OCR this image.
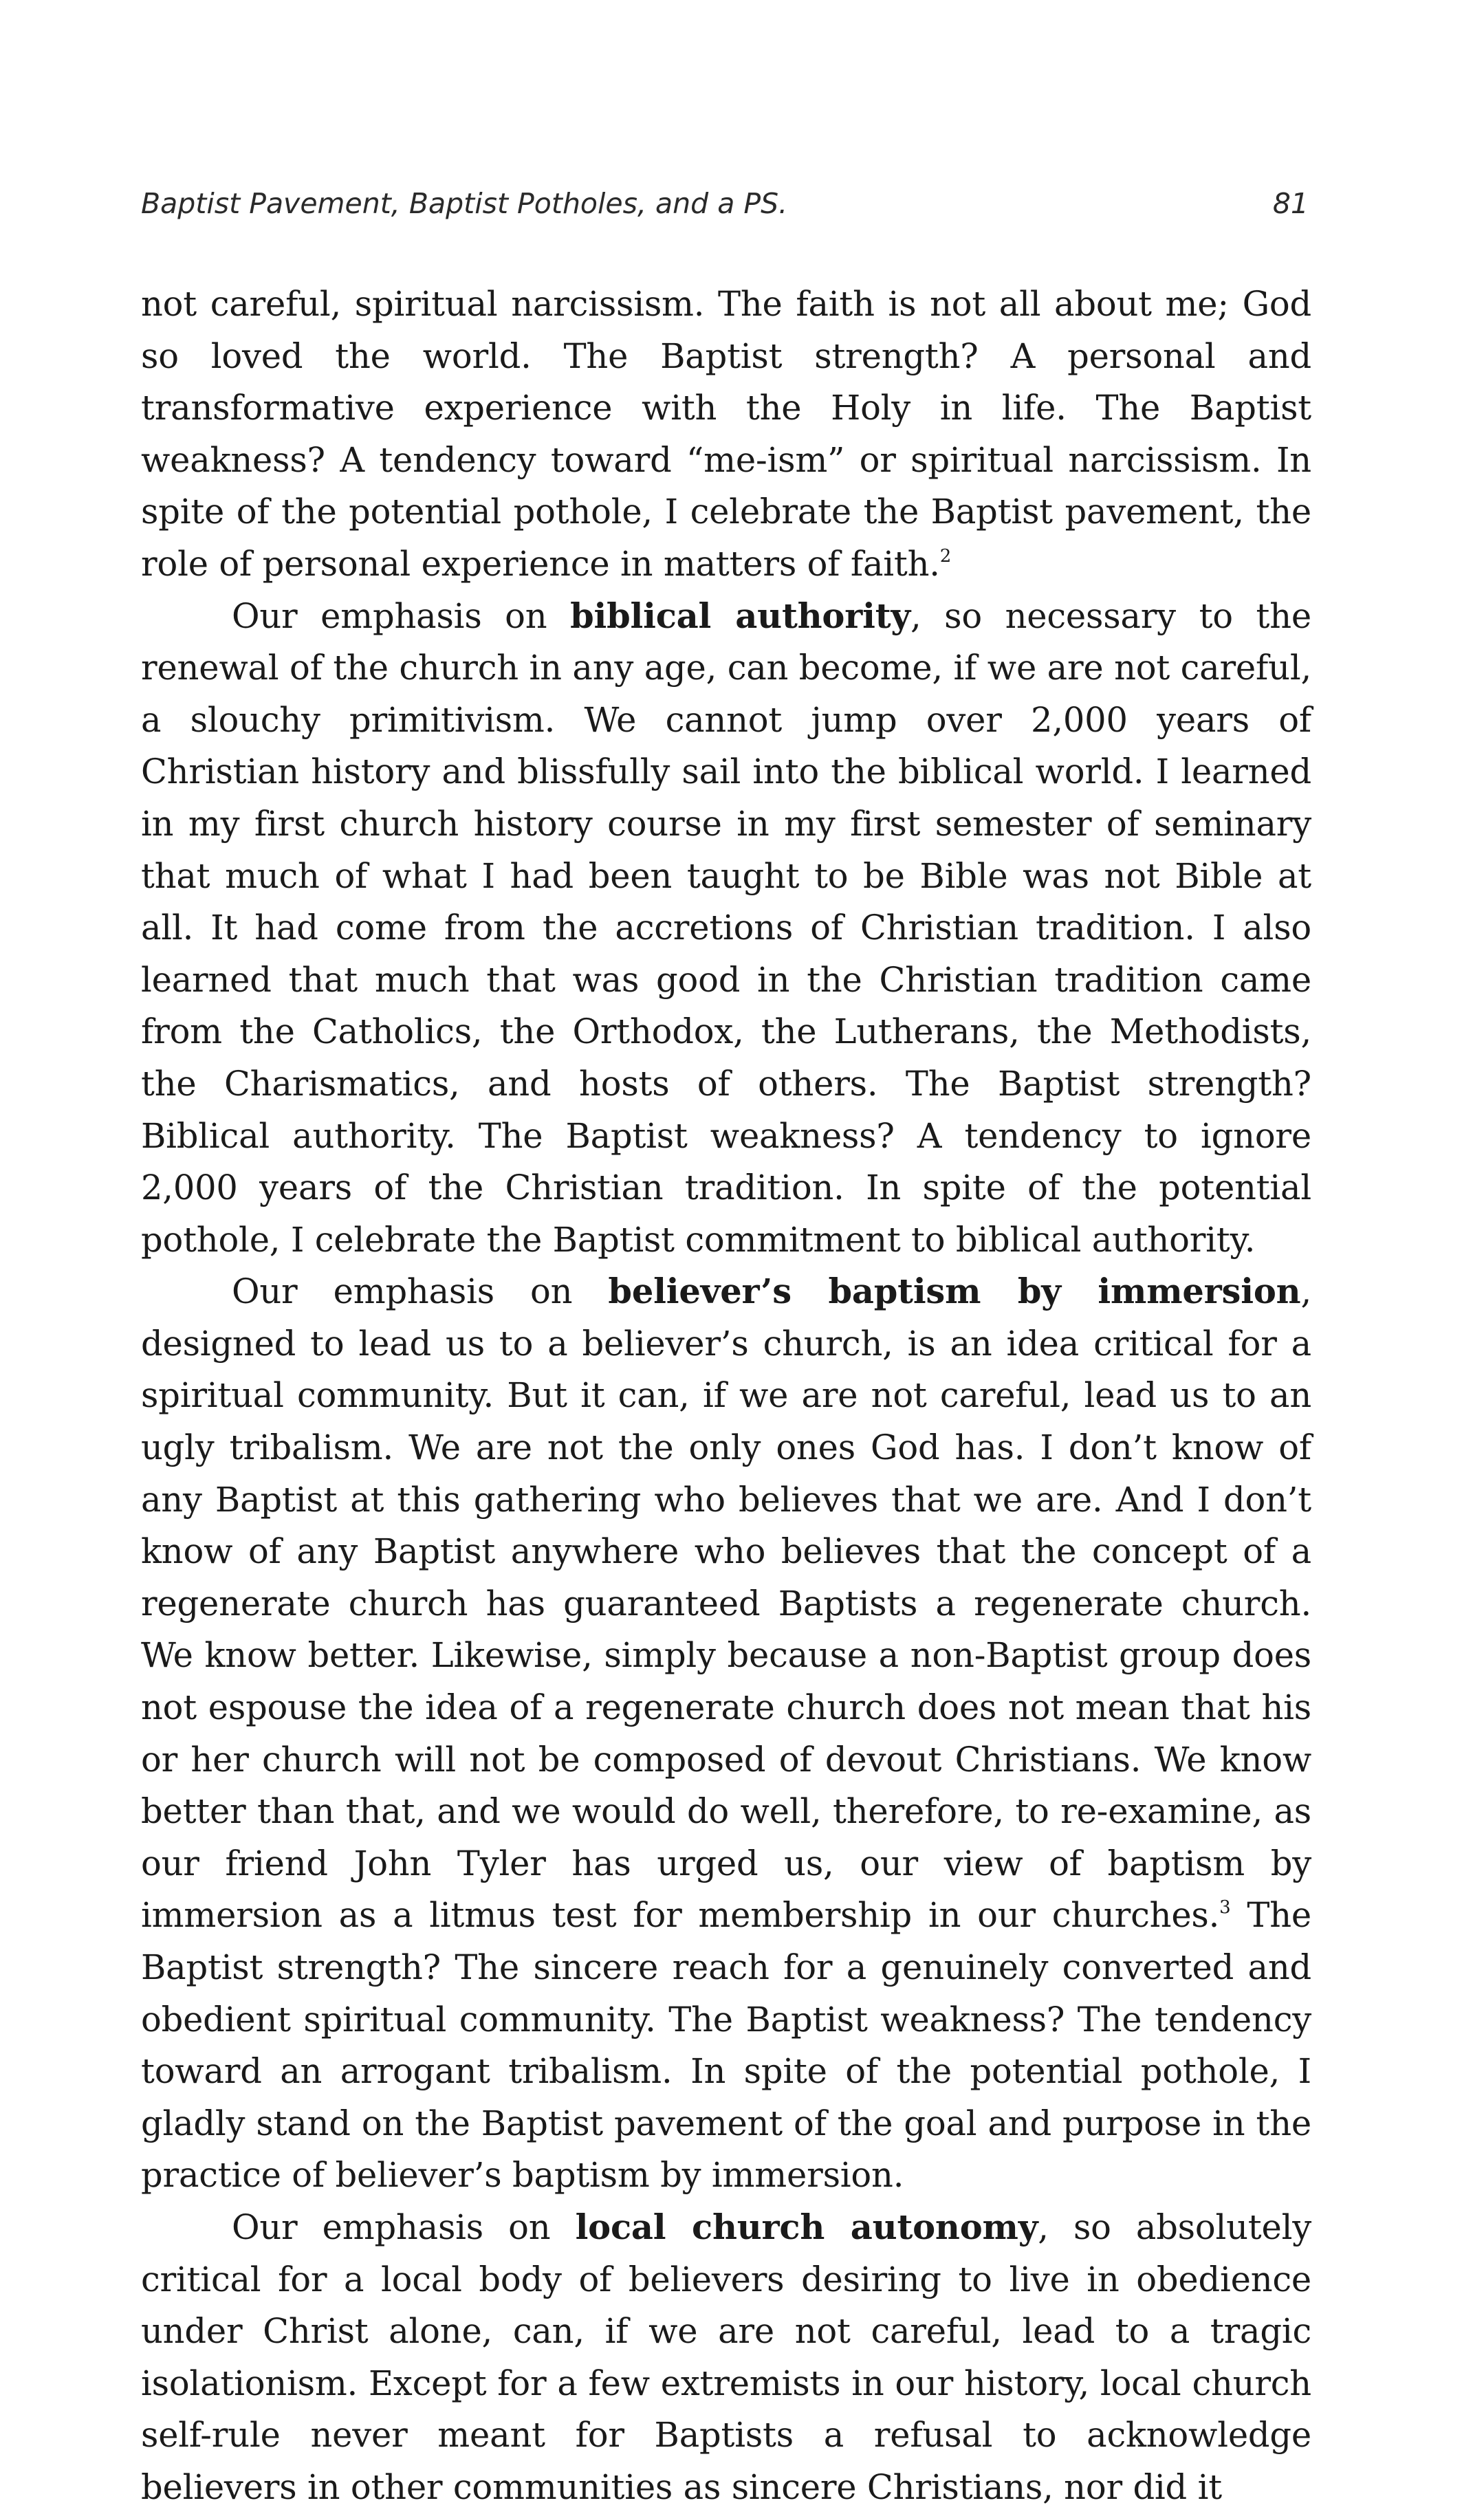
Baptist Pavement, Baptist Potholes, and a PS.	81

not careful, spiritual narcissism. The faith is not all about me; God so loved the world. The Baptist strength? A personal and transformative experience with the Holy in life. The Baptist weakness? A tendency toward “me-ism” or spiritual narcissism. In spite of the potential pothole, I celebrate the Baptist pavement, the role of personal experience in matters of faith.$^2$

Our emphasis on biblical authority, so necessary to the renewal of the church in any age, can become, if we are not careful, a slouchy primitivism. We cannot jump over 2,000 years of Christian history and blissfully sail into the biblical world. I learned in my first church history course in my first semester of seminary that much of what I had been taught to be Bible was not Bible at all. It had come from the accretions of Christian tradition. I also learned that much that was good in the Christian tradition came from the Catholics, the Orthodox, the Lutherans, the Methodists, the Charismatics, and hosts of others. The Baptist strength? Biblical authority. The Baptist weakness? A tendency to ignore 2,000 years of the Christian tradition. In spite of the potential pothole, I celebrate the Baptist commitment to biblical authority.

Our emphasis on believer’s baptism by immersion, designed to lead us to a believer’s church, is an idea critical for a spiritual community. But it can, if we are not careful, lead us to an ugly tribalism. We are not the only ones God has. I don’t know of any Baptist at this gathering who believes that we are. And I don’t know of any Baptist anywhere who believes that the concept of a regenerate church has guaranteed Baptists a regenerate church. We know better. Likewise, simply because a non-Baptist group does not espouse the idea of a regenerate church does not mean that his or her church will not be composed of devout Christians. We know better than that, and we would do well, therefore, to re-examine, as our friend John Tyler has urged us, our view of baptism by immersion as a litmus test for membership in our churches.$^3$ The Baptist strength? The sincere reach for a genuinely converted and obedient spiritual community. The Baptist weakness? The tendency toward an arrogant tribalism. In spite of the potential pothole, I gladly stand on the Baptist pavement of the goal and purpose in the practice of believer’s baptism by immersion.

Our emphasis on local church autonomy, so absolutely critical for a local body of believers desiring to live in obedience under Christ alone, can, if we are not careful, lead to a tragic isolationism. Except for a few extremists in our history, local church self-rule never meant for Baptists a refusal to acknowledge believers in other communities as sincere Christians, nor did it
